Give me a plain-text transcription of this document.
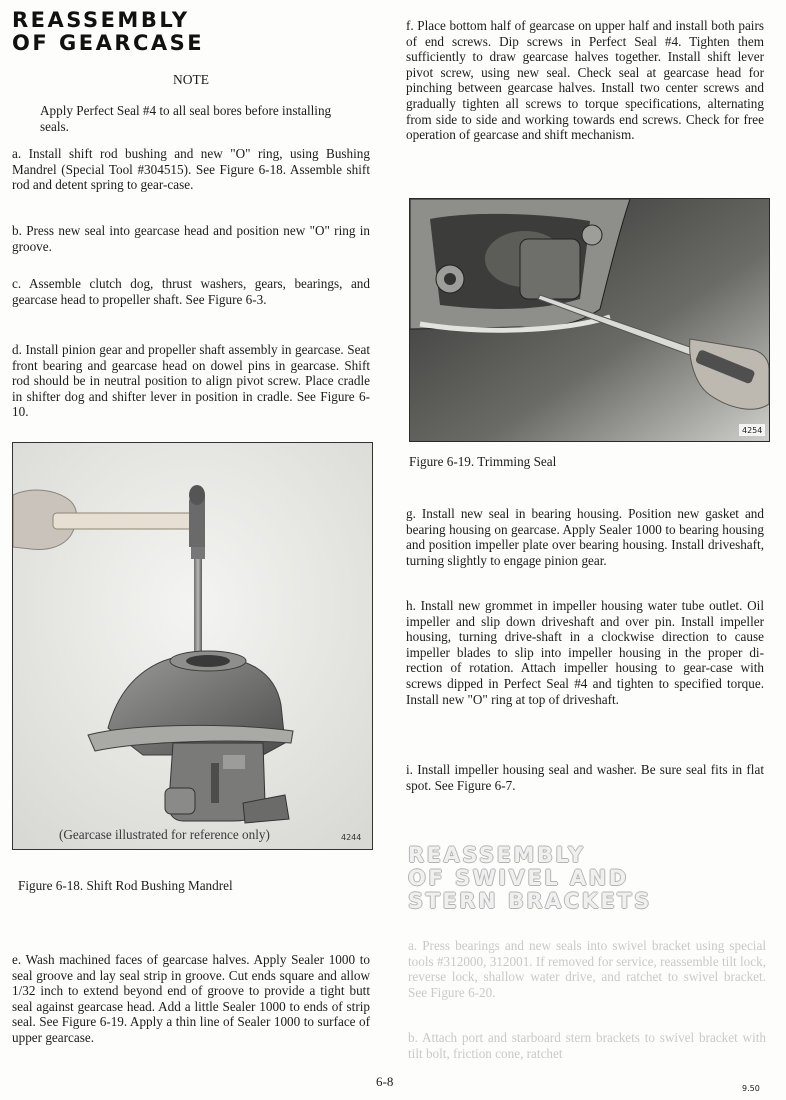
REASSEMBLY
OF GEARCASE
NOTE

Apply Perfect Seal #4 to all seal bores before installing seals.

a. Install shift rod bushing and new "O" ring, using Bushing Mandrel (Special Tool #304515). See Figure 6-18. Assemble shift rod and detent spring to gear-case.

b. Press new seal into gearcase head and position new "O" ring in groove.

c. Assemble clutch dog, thrust washers, gears, bearings, and gearcase head to propeller shaft. See Figure 6-3.

d. Install pinion gear and propeller shaft assembly in gearcase. Seat front bearing and gearcase head on dowel pins in gearcase. Shift rod should be in neutral position to align pivot screw. Place cradle in shifter dog and shifter lever in position in cradle. See Figure 6-10.

(Gearcase illustrated for reference only)	4244
Figure 6-18. Shift Rod Bushing Mandrel

e. Wash machined faces of gearcase halves. Apply Sealer 1000 to seal groove and lay seal strip in groove. Cut ends square and allow 1/32 inch to extend beyond end of groove to provide a tight butt seal against gearcase head. Add a little Sealer 1000 to ends of strip seal. See Figure 6-19. Apply a thin line of Sealer 1000 to surface of upper gearcase.

f. Place bottom half of gearcase on upper half and install both pairs of end screws. Dip screws in Perfect Seal #4. Tighten them sufficiently to draw gearcase halves together. Install shift lever pivot screw, using new seal. Check seal at gearcase head for pinching between gearcase halves. Install two center screws and gradually tighten all screws to torque specifications, alternating from side to side and working towards end screws. Check for free operation of gearcase and shift mechanism.

4254
Figure 6-19. Trimming Seal

g. Install new seal in bearing housing. Position new gasket and bearing housing on gearcase. Apply Sealer 1000 to bearing housing and position impeller plate over bearing housing. Install driveshaft, turning slightly to engage pinion gear.

h. Install new grommet in impeller housing water tube outlet. Oil impeller and slip down driveshaft and over pin. Install impeller housing, turning drive-shaft in a clockwise direction to cause impeller blades to slip into impeller housing in the proper di-rection of rotation. Attach impeller housing to gear-case with screws dipped in Perfect Seal #4 and tighten to specified torque. Install new "O" ring at top of driveshaft.

i. Install impeller housing seal and washer. Be sure seal fits in flat spot. See Figure 6-7.

REASSEMBLY
OF SWIVEL AND
STERN BRACKETS

a. Press bearings and new seals into swivel bracket using special tools #312000, 312001. If removed for service, reassemble tilt lock, reverse lock, shallow water drive, and ratchet to swivel bracket. See Figure 6-20.

b. Attach port and starboard stern brackets to swivel bracket with tilt bolt, friction cone, ratchet

6-8	9.50
